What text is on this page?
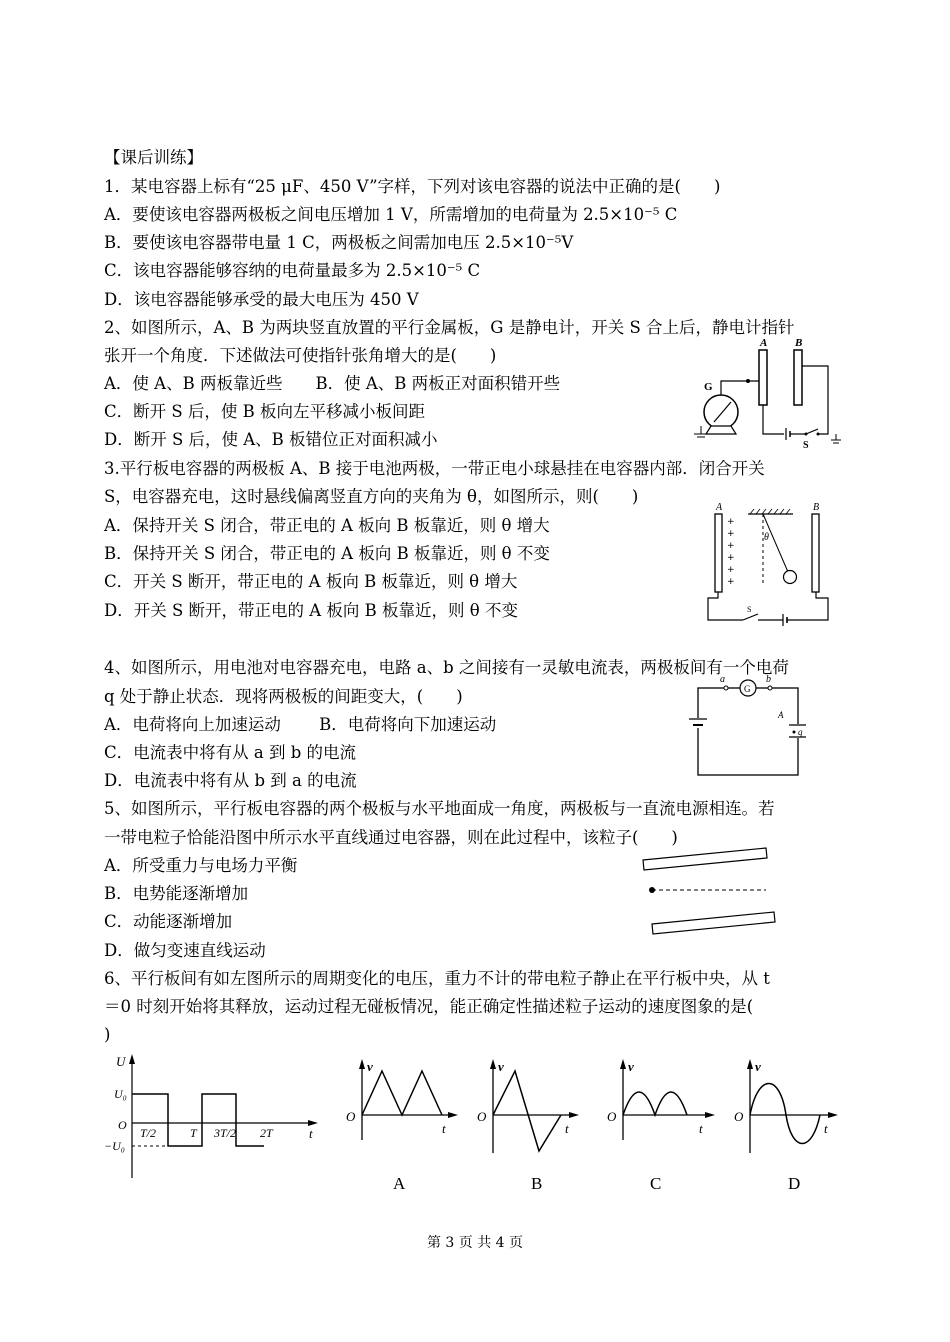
【课后训练】
1．某电容器上标有“25 μF、450 V”字样，下列对该电容器的说法中正确的是(　　)
A．要使该电容器两极板之间电压增加 1 V，所需增加的电荷量为 2.5×10⁻⁵ C
B．要使该电容器带电量 1 C，两极板之间需加电压 2.5×10⁻⁵V
C．该电容器能够容纳的电荷量最多为 2.5×10⁻⁵ C
D．该电容器能够承受的最大电压为 450 V
2、如图所示，A、B 为两块竖直放置的平行金属板，G 是静电计，开关 S 合上后，静电计指针
张开一个角度．下述做法可使指针张角增大的是(　　)
A．使 A、B 两板靠近些　　B．使 A、B 两板正对面积错开些
C．断开 S 后，使 B 板向左平移减小板间距
D．断开 S 后，使 A、B 板错位正对面积减小
3.平行板电容器的两极板 A、B 接于电池两极，一带正电小球悬挂在电容器内部．闭合开关
S，电容器充电，这时悬线偏离竖直方向的夹角为 θ，如图所示，则(　　)
A．保持开关 S 闭合，带正电的 A 板向 B 板靠近，则 θ 增大
B．保持开关 S 闭合，带正电的 A 板向 B 板靠近，则 θ 不变
C．开关 S 断开，带正电的 A 板向 B 板靠近，则 θ 增大
D．开关 S 断开，带正电的 A 板向 B 板靠近，则 θ 不变
4、如图所示，用电池对电容器充电，电路 a、b 之间接有一灵敏电流表，两极板间有一个电荷
q 处于静止状态．现将两极板的间距变大，(　　)
A．电荷将向上加速运动　　 B．电荷将向下加速运动
C．电流表中将有从 a 到 b 的电流
D．电流表中将有从 b 到 a 的电流
5、如图所示，平行板电容器的两个极板与水平地面成一角度，两极板与一直流电源相连。若
一带电粒子恰能沿图中所示水平直线通过电容器，则在此过程中，该粒子(　　)
A．所受重力与电场力平衡
B．电势能逐渐增加
C．动能逐渐增加
D．做匀变速直线运动
6、平行板间有如左图所示的周期变化的电压，重力不计的带电粒子静止在平行板中央，从 t
＝0 时刻开始将其释放，运动过程无碰板情况，能正确定性描述粒子运动的速度图象的是(
)
A	B
G
S
A	B
+
+
+
+
+
+
θ
S
G
a	b
A
q
U
U₀
−U₀
O
t
T/2	T 3T/2 2T
v
O
t
v
O
t
v
O
t
v
O
t
A	B	C	D
第 3 页 共 4 页
